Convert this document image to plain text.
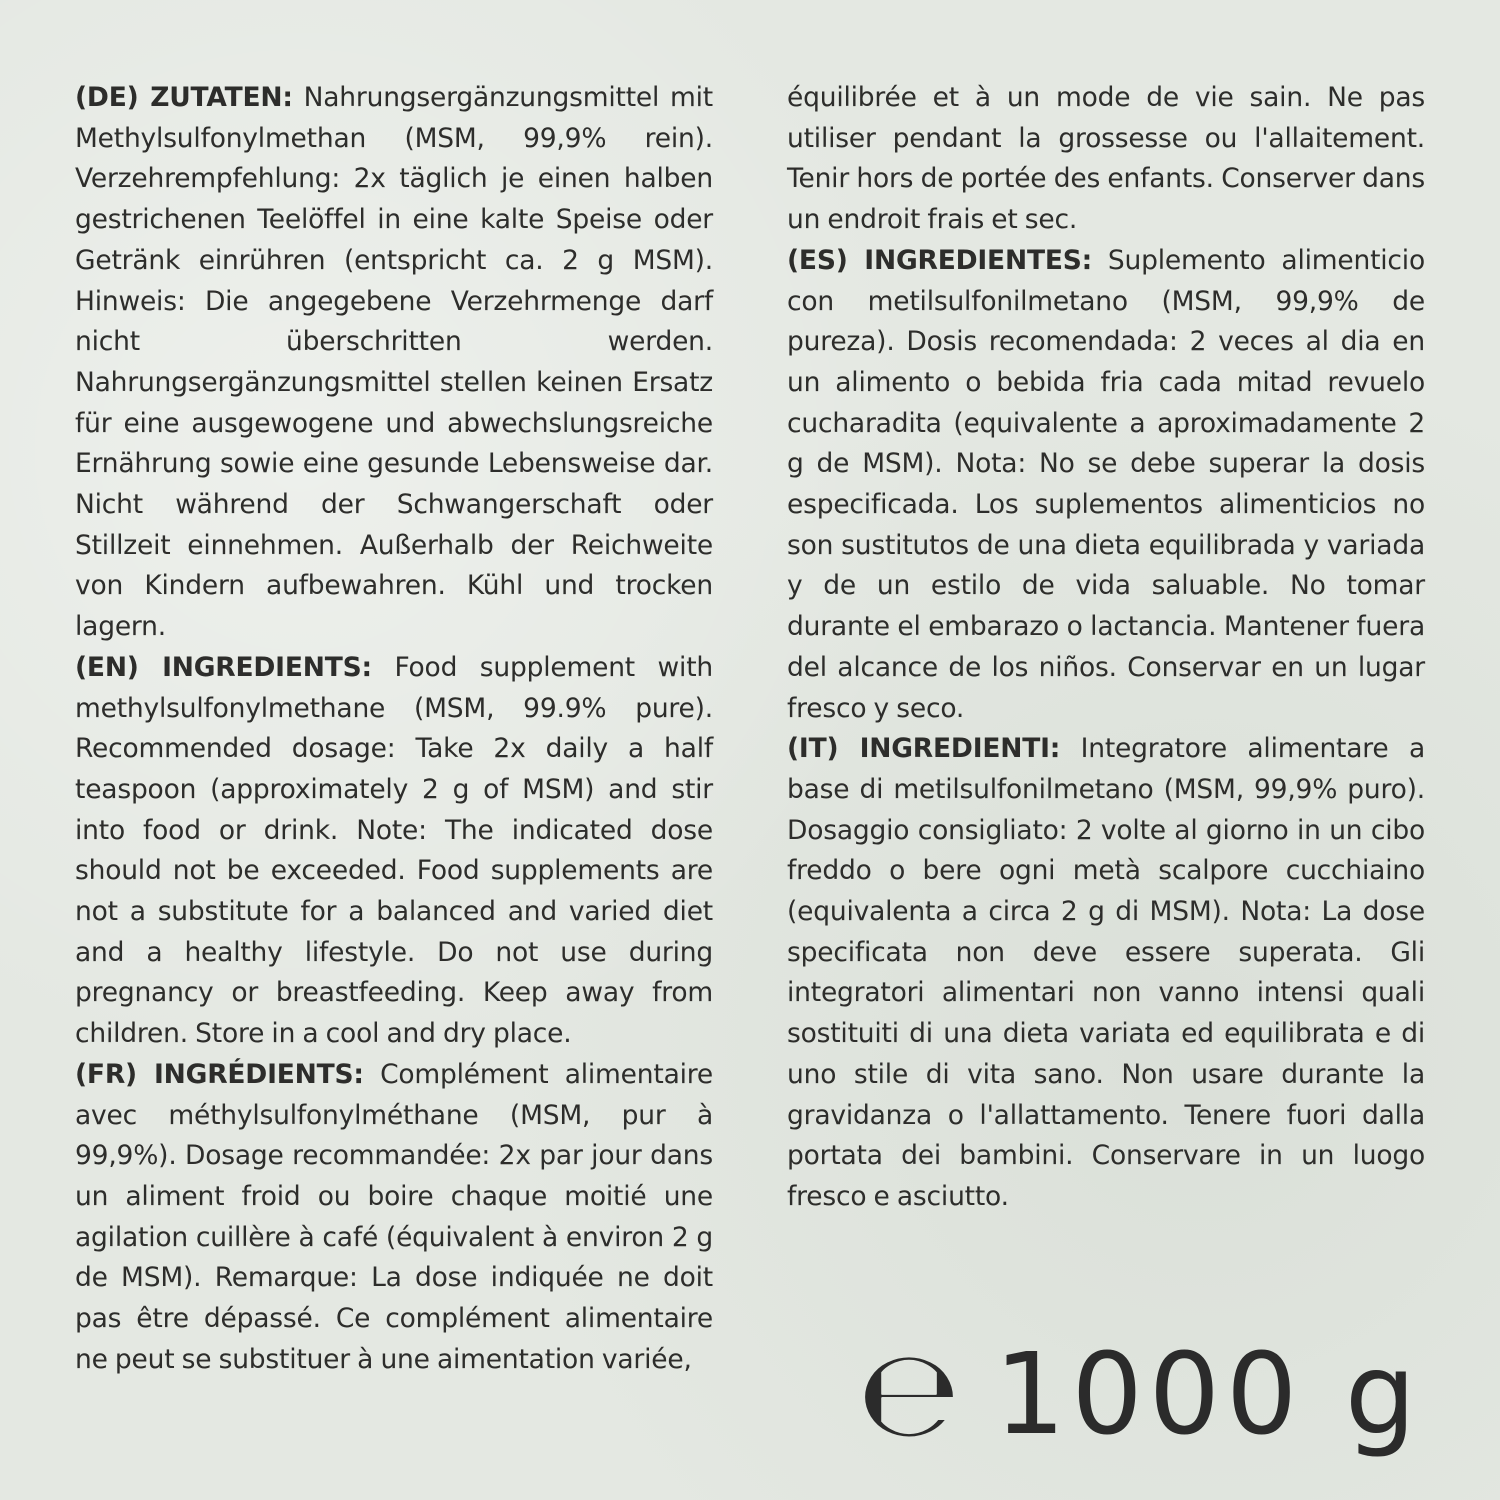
(DE) ZUTATEN: Nahrungsergänzungsmittel mit Methylsulfonylmethan (MSM, 99,9% rein). Verzehrempfehlung: 2x täglich je einen halben gestrichenen Teelöffel in eine kalte Speise oder Getränk einrühren (entspricht ca. 2 g MSM). Hinweis: Die angegebene Verzehrmenge darf nicht überschritten werden. Nahrungsergänzungsmittel stellen keinen Ersatz für eine ausgewogene und abwechslungsreiche Ernährung sowie eine gesunde Lebensweise dar. Nicht während der Schwangerschaft oder Stillzeit einnehmen. Außerhalb der Reichweite von Kindern aufbewahren. Kühl und trocken lagern.

(EN) INGREDIENTS: Food supplement with methylsulfonylmethane (MSM, 99.9% pure). Recommended dosage: Take 2x daily a half teaspoon (approximately 2 g of MSM) and stir into food or drink. Note: The indicated dose should not be exceeded. Food supplements are not a substitute for a balanced and varied diet and a healthy lifestyle. Do not use during pregnancy or breastfeeding. Keep away from children. Store in a cool and dry place.

(FR) INGRÉDIENTS: Complément alimentaire avec méthylsulfonylméthane (MSM, pur à 99,9%). Dosage recommandée: 2x par jour dans un aliment froid ou boire chaque moitié une agilation cuillère à café (équivalent à environ 2 g de MSM). Remarque: La dose indiquée ne doit pas être dépassé. Ce complément alimentaire ne peut se substituer à une aimentation variée,

équilibrée et à un mode de vie sain. Ne pas utiliser pendant la grossesse ou l'allaitement. Tenir hors de portée des enfants. Conserver dans un endroit frais et sec.

(ES) INGREDIENTES: Suplemento alimenticio con metilsulfonilmetano (MSM, 99,9% de pureza). Dosis recomendada: 2 veces al dia en un alimento o bebida fria cada mitad revuelo cucharadita (equivalente a aproximadamente 2 g de MSM). Nota: No se debe superar la dosis especificada. Los suplementos alimenticios no son sustitutos de una dieta equilibrada y variada y de un estilo de vida saluable. No tomar durante el embarazo o lactancia. Mantener fuera del alcance de los niños. Conservar en un lugar fresco y seco.

(IT) INGREDIENTI: Integratore alimentare a base di metilsulfonilmetano (MSM, 99,9% puro). Dosaggio consigliato: 2 volte al giorno in un cibo freddo o bere ogni metà scalpore cucchiaino (equivalenta a circa 2 g di MSM). Nota: La dose specificata non deve essere superata. Gli integratori alimentari non vanno intensi quali sostituiti di una dieta variata ed equilibrata e di uno stile di vita sano. Non usare durante la gravidanza o l'allattamento. Tenere fuori dalla portata dei bambini. Conservare in un luogo fresco e asciutto.

℮ 1000 g
